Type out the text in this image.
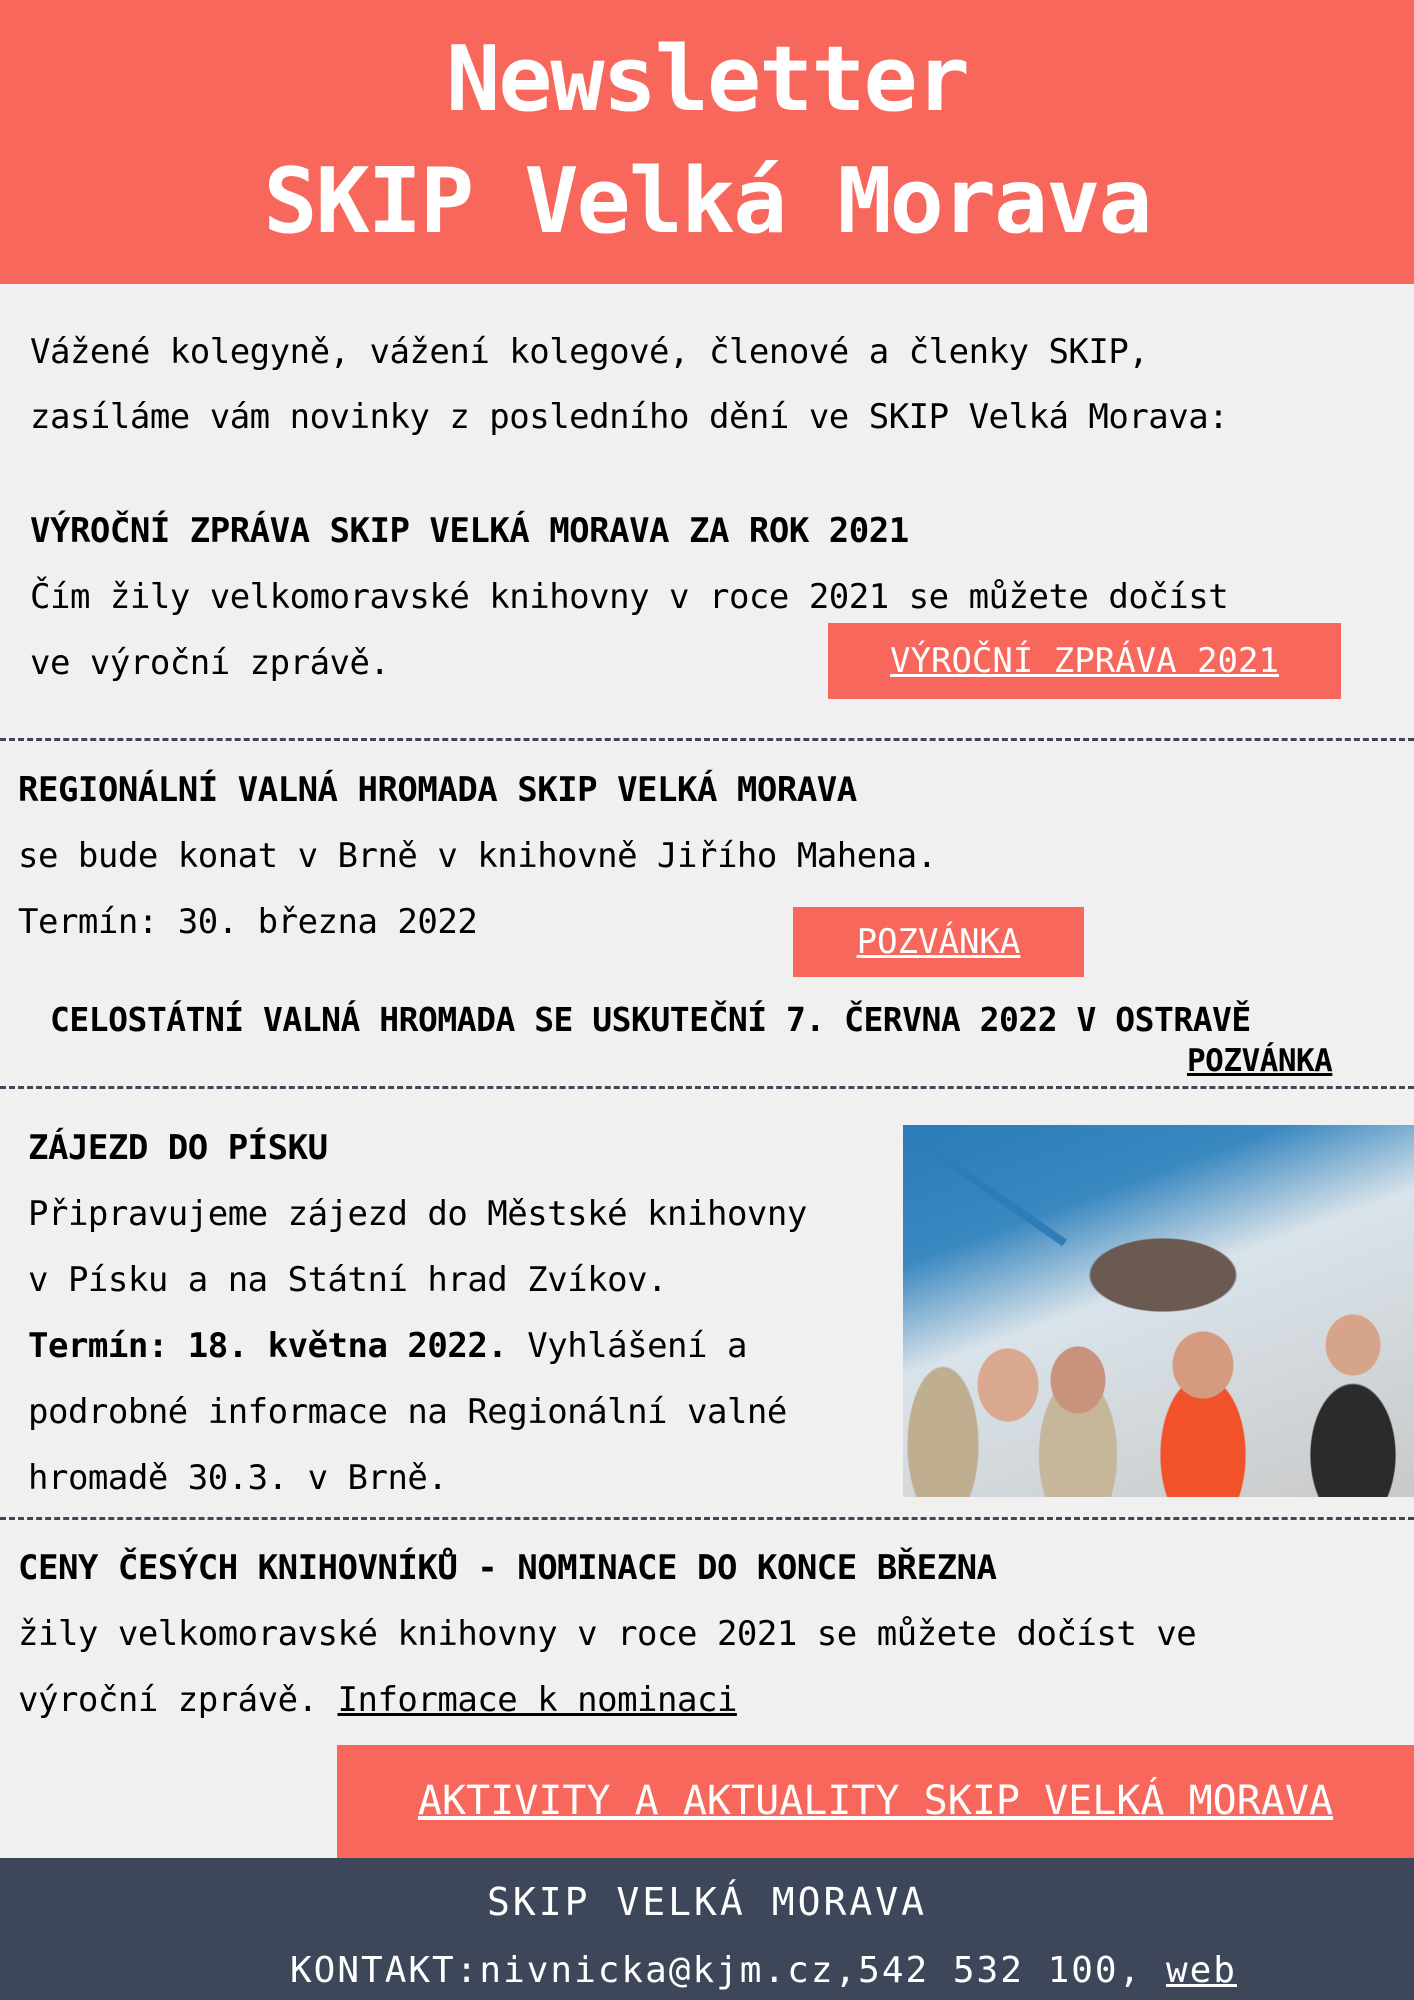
Newsletter
SKIP Velká Morava
Vážené kolegyně, vážení kolegové, členové a členky SKIP,
zasíláme vám novinky z posledního dění ve SKIP Velká Morava:
VÝROČNÍ ZPRÁVA SKIP VELKÁ MORAVA ZA ROK 2021
Čím žily velkomoravské knihovny v roce 2021 se můžete dočíst
ve výroční zprávě.	VÝROČNÍ ZPRÁVA 2021
REGIONÁLNÍ VALNÁ HROMADA SKIP VELKÁ MORAVA
se bude konat v Brně v knihovně Jiřího Mahena.
Termín: 30. března 2022	POZVÁNKA
CELOSTÁTNÍ VALNÁ HROMADA SE USKUTEČNÍ 7. ČERVNA 2022 V OSTRAVĚ
POZVÁNKA
ZÁJEZD DO PÍSKU
Připravujeme zájezd do Městské knihovny
v Písku a na Státní hrad Zvíkov.
Termín: 18. května 2022. Vyhlášení a
podrobné informace na Regionální valné
hromadě 30.3. v Brně.
CENY ČESÝCH KNIHOVNÍKŮ - NOMINACE DO KONCE BŘEZNA
žily velkomoravské knihovny v roce 2021 se můžete dočíst ve
výroční zprávě. Informace k nominaci
AKTIVITY A AKTUALITY SKIP VELKÁ MORAVA
SKIP VELKÁ MORAVA
KONTAKT:nivnicka@kjm.cz,542 532 100, web
